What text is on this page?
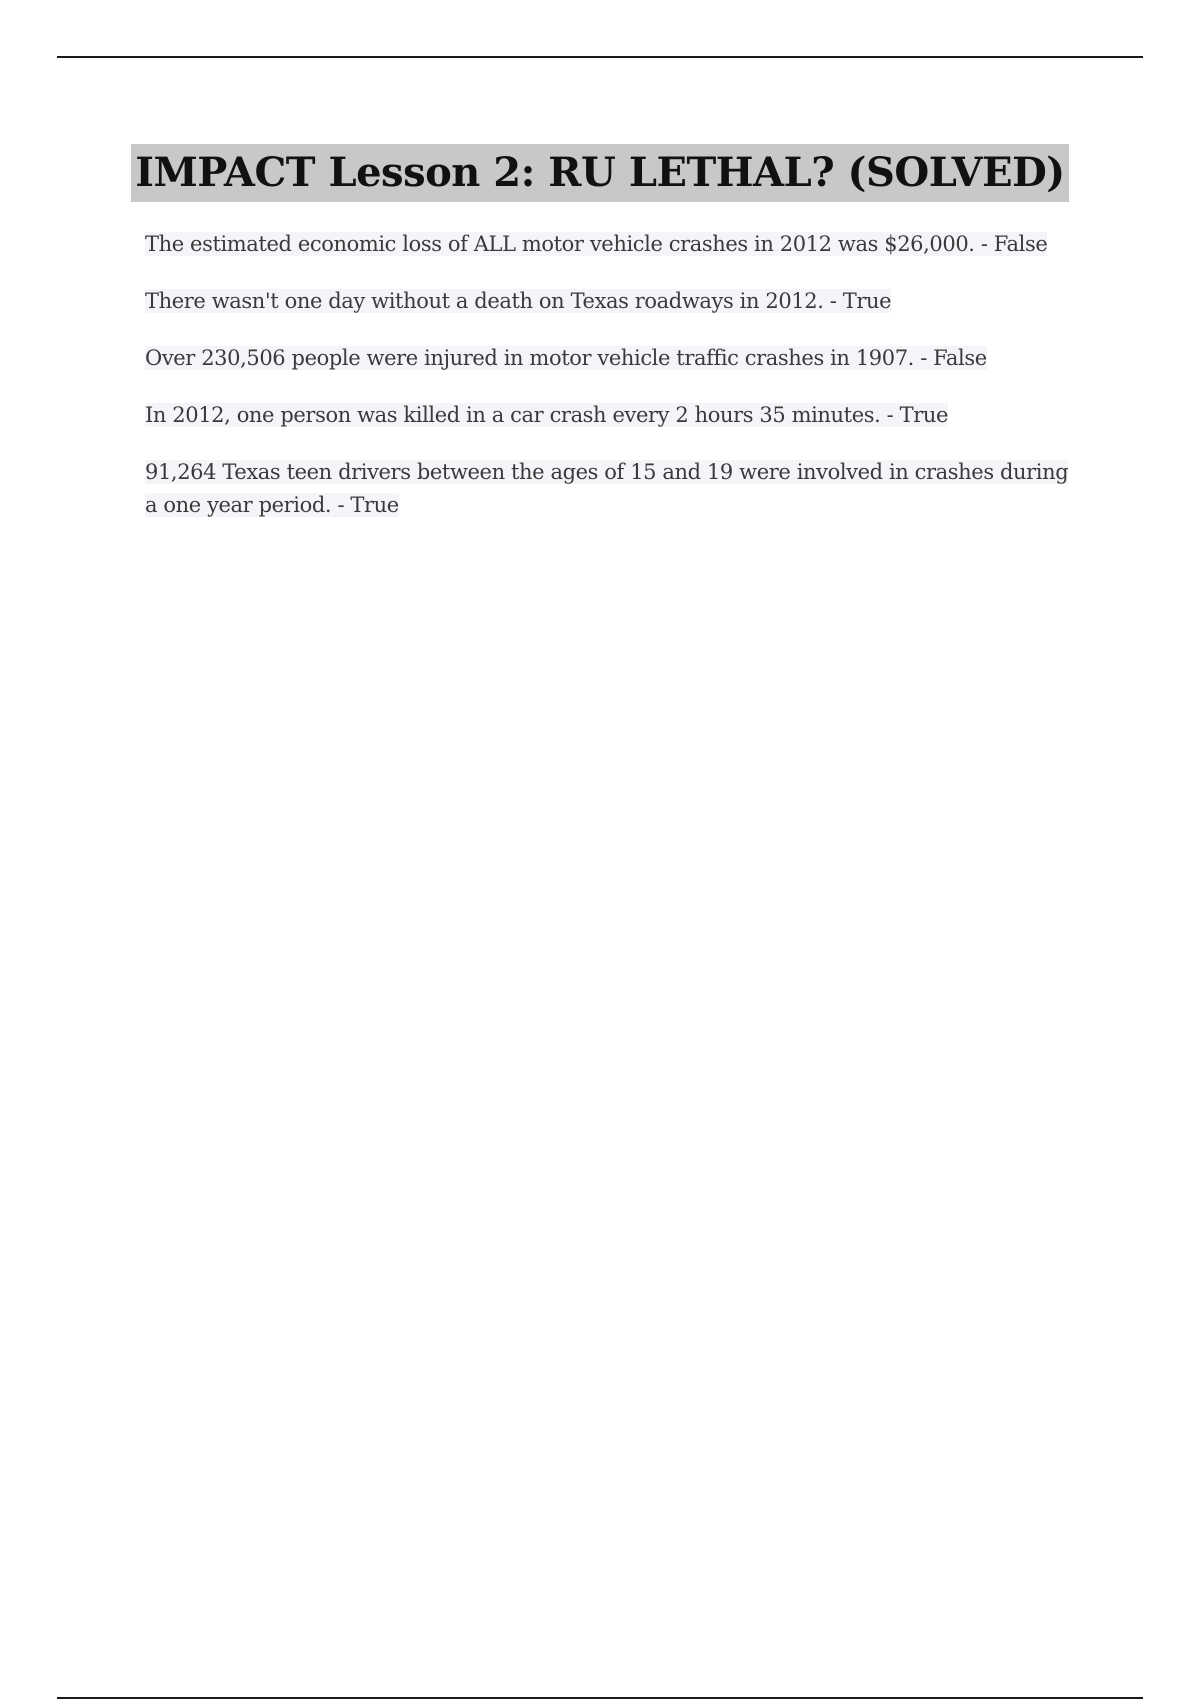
IMPACT Lesson 2: RU LETHAL? (SOLVED)

The estimated economic loss of ALL motor vehicle crashes in 2012 was $26,000. - False

There wasn't one day without a death on Texas roadways in 2012. - True

Over 230,506 people were injured in motor vehicle traffic crashes in 1907. - False

In 2012, one person was killed in a car crash every 2 hours 35 minutes. - True

91,264 Texas teen drivers between the ages of 15 and 19 were involved in crashes during a one year period. - True
